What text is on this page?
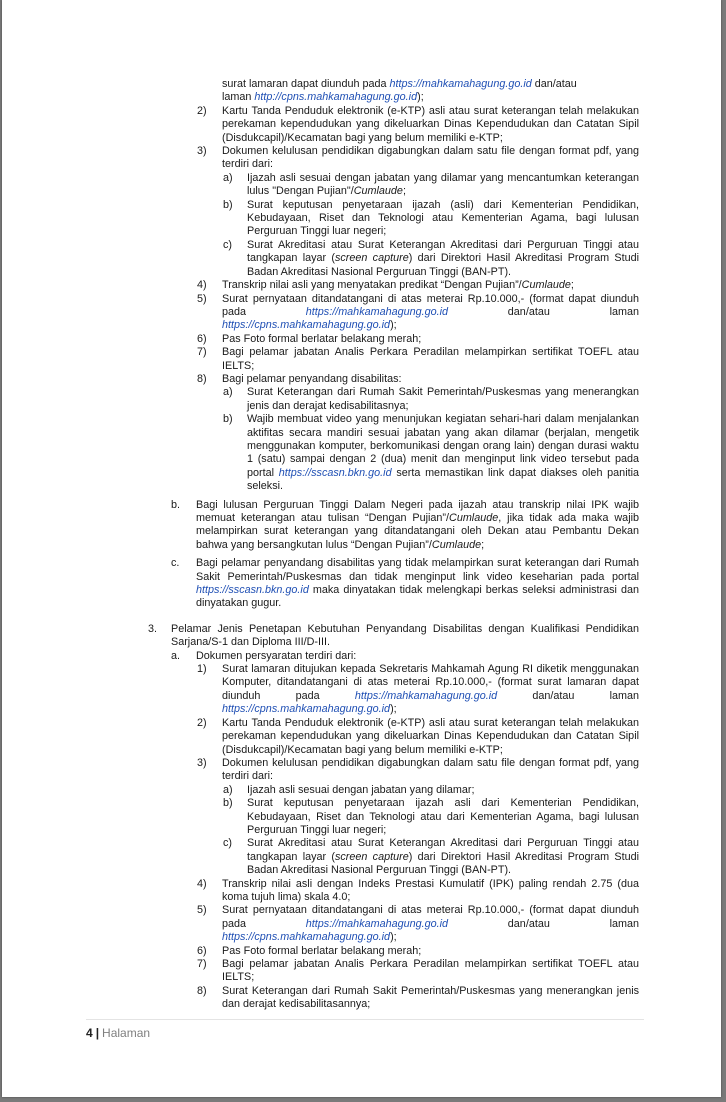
surat lamaran dapat diunduh pada https://mahkamahagung.go.id dan/atau
laman http://cpns.mahkamahagung.go.id);
2) Kartu Tanda Penduduk elektronik (e-KTP) asli atau surat keterangan telah melakukan perekaman kependudukan yang dikeluarkan Dinas Kependudukan dan Catatan Sipil (Disdukcapil)/Kecamatan bagi yang belum memiliki e-KTP;
3) Dokumen kelulusan pendidikan digabungkan dalam satu file dengan format pdf, yang terdiri dari:
a) Ijazah asli sesuai dengan jabatan yang dilamar yang mencantumkan keterangan lulus "Dengan Pujian"/Cumlaude;
b) Surat keputusan penyetaraan ijazah (asli) dari Kementerian Pendidikan, Kebudayaan, Riset dan Teknologi atau Kementerian Agama, bagi lulusan Perguruan Tinggi luar negeri;
c) Surat Akreditasi atau Surat Keterangan Akreditasi dari Perguruan Tinggi atau tangkapan layar (screen capture) dari Direktori Hasil Akreditasi Program Studi Badan Akreditasi Nasional Perguruan Tinggi (BAN-PT).
4) Transkrip nilai asli yang menyatakan predikat “Dengan Pujian”/Cumlaude;
5) Surat pernyataan ditandatangani di atas meterai Rp.10.000,- (format dapat diunduh pada https://mahkamahagung.go.id dan/atau laman https://cpns.mahkamahagung.go.id);
6) Pas Foto formal berlatar belakang merah;
7) Bagi pelamar jabatan Analis Perkara Peradilan melampirkan sertifikat TOEFL atau IELTS;
8) Bagi pelamar penyandang disabilitas:
a) Surat Keterangan dari Rumah Sakit Pemerintah/Puskesmas yang menerangkan jenis dan derajat kedisabilitasnya;
b) Wajib membuat video yang menunjukan kegiatan sehari-hari dalam menjalankan aktifitas secara mandiri sesuai jabatan yang akan dilamar (berjalan, mengetik menggunakan komputer, berkomunikasi dengan orang lain) dengan durasi waktu 1 (satu) sampai dengan 2 (dua) menit dan menginput link video tersebut pada portal https://sscasn.bkn.go.id serta memastikan link dapat diakses oleh panitia seleksi.
b. Bagi lulusan Perguruan Tinggi Dalam Negeri pada ijazah atau transkrip nilai IPK wajib memuat keterangan atau tulisan “Dengan Pujian”/Cumlaude, jika tidak ada maka wajib melampirkan surat keterangan yang ditandatangani oleh Dekan atau Pembantu Dekan bahwa yang bersangkutan lulus “Dengan Pujian”/Cumlaude;
c. Bagi pelamar penyandang disabilitas yang tidak melampirkan surat keterangan dari Rumah Sakit Pemerintah/Puskesmas dan tidak menginput link video keseharian pada portal https://sscasn.bkn.go.id maka dinyatakan tidak melengkapi berkas seleksi administrasi dan dinyatakan gugur.
3. Pelamar Jenis Penetapan Kebutuhan Penyandang Disabilitas dengan Kualifikasi Pendidikan Sarjana/S-1 dan Diploma III/D-III.
a. Dokumen persyaratan terdiri dari:
1) Surat lamaran ditujukan kepada Sekretaris Mahkamah Agung RI diketik menggunakan Komputer, ditandatangani di atas meterai Rp.10.000,- (format surat lamaran dapat diunduh pada https://mahkamahagung.go.id dan/atau laman https://cpns.mahkamahagung.go.id);
2) Kartu Tanda Penduduk elektronik (e-KTP) asli atau surat keterangan telah melakukan perekaman kependudukan yang dikeluarkan Dinas Kependudukan dan Catatan Sipil (Disdukcapil)/Kecamatan bagi yang belum memiliki e-KTP;
3) Dokumen kelulusan pendidikan digabungkan dalam satu file dengan format pdf, yang terdiri dari:
a) Ijazah asli sesuai dengan jabatan yang dilamar;
b) Surat keputusan penyetaraan ijazah asli dari Kementerian Pendidikan, Kebudayaan, Riset dan Teknologi atau dari Kementerian Agama, bagi lulusan Perguruan Tinggi luar negeri;
c) Surat Akreditasi atau Surat Keterangan Akreditasi dari Perguruan Tinggi atau tangkapan layar (screen capture) dari Direktori Hasil Akreditasi Program Studi Badan Akreditasi Nasional Perguruan Tinggi (BAN-PT).
4) Transkrip nilai asli dengan Indeks Prestasi Kumulatif (IPK) paling rendah 2.75 (dua koma tujuh lima) skala 4.0;
5) Surat pernyataan ditandatangani di atas meterai Rp.10.000,- (format dapat diunduh pada https://mahkamahagung.go.id dan/atau laman https://cpns.mahkamahagung.go.id);
6) Pas Foto formal berlatar belakang merah;
7) Bagi pelamar jabatan Analis Perkara Peradilan melampirkan sertifikat TOEFL atau IELTS;
8) Surat Keterangan dari Rumah Sakit Pemerintah/Puskesmas yang menerangkan jenis dan derajat kedisabilitasannya;
4 | Halaman
